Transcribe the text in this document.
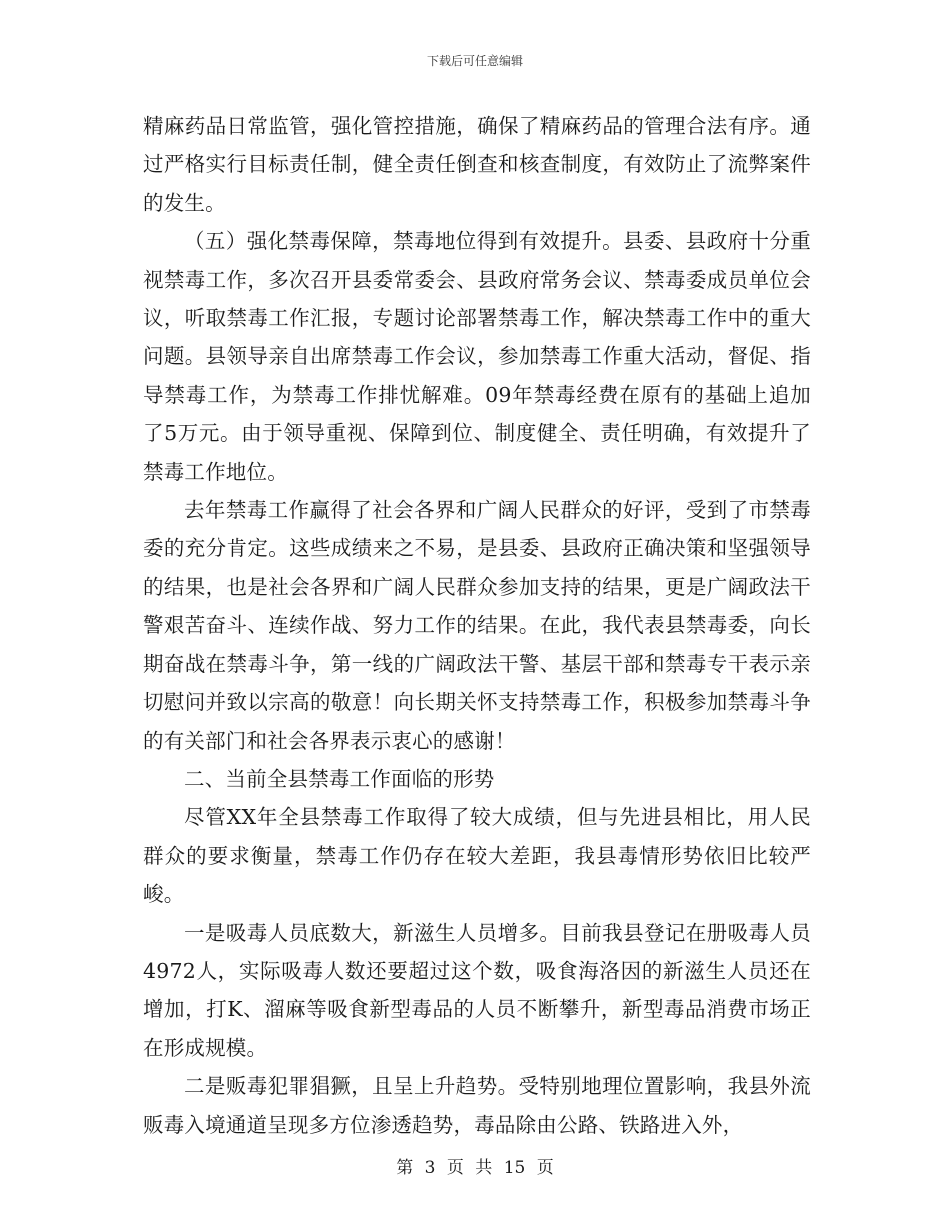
下载后可任意编辑

精麻药品日常监管，强化管控措施，确保了精麻药品的管理合法有序。通过严格实行目标责任制，健全责任倒查和核查制度，有效防止了流弊案件的发生。

（五）强化禁毒保障，禁毒地位得到有效提升。县委、县政府十分重视禁毒工作，多次召开县委常委会、县政府常务会议、禁毒委成员单位会议，听取禁毒工作汇报，专题讨论部署禁毒工作，解决禁毒工作中的重大问题。县领导亲自出席禁毒工作会议，参加禁毒工作重大活动，督促、指导禁毒工作，为禁毒工作排忧解难。09年禁毒经费在原有的基础上追加了5万元。由于领导重视、保障到位、制度健全、责任明确，有效提升了禁毒工作地位。

去年禁毒工作赢得了社会各界和广阔人民群众的好评，受到了市禁毒委的充分肯定。这些成绩来之不易，是县委、县政府正确决策和坚强领导的结果，也是社会各界和广阔人民群众参加支持的结果，更是广阔政法干警艰苦奋斗、连续作战、努力工作的结果。在此，我代表县禁毒委，向长期奋战在禁毒斗争，第一线的广阔政法干警、基层干部和禁毒专干表示亲切慰问并致以宗高的敬意！向长期关怀支持禁毒工作，积极参加禁毒斗争的有关部门和社会各界表示衷心的感谢！

二、当前全县禁毒工作面临的形势

尽管XX年全县禁毒工作取得了较大成绩，但与先进县相比，用人民群众的要求衡量，禁毒工作仍存在较大差距，我县毒情形势依旧比较严峻。

一是吸毒人员底数大，新滋生人员增多。目前我县登记在册吸毒人员4972人，实际吸毒人数还要超过这个数，吸食海洛因的新滋生人员还在增加，打K、溜麻等吸食新型毒品的人员不断攀升，新型毒品消费市场正在形成规模。

二是贩毒犯罪猖獗，且呈上升趋势。受特别地理位置影响，我县外流贩毒入境通道呈现多方位渗透趋势，毒品除由公路、铁路进入外，

第 3 页 共 15 页
